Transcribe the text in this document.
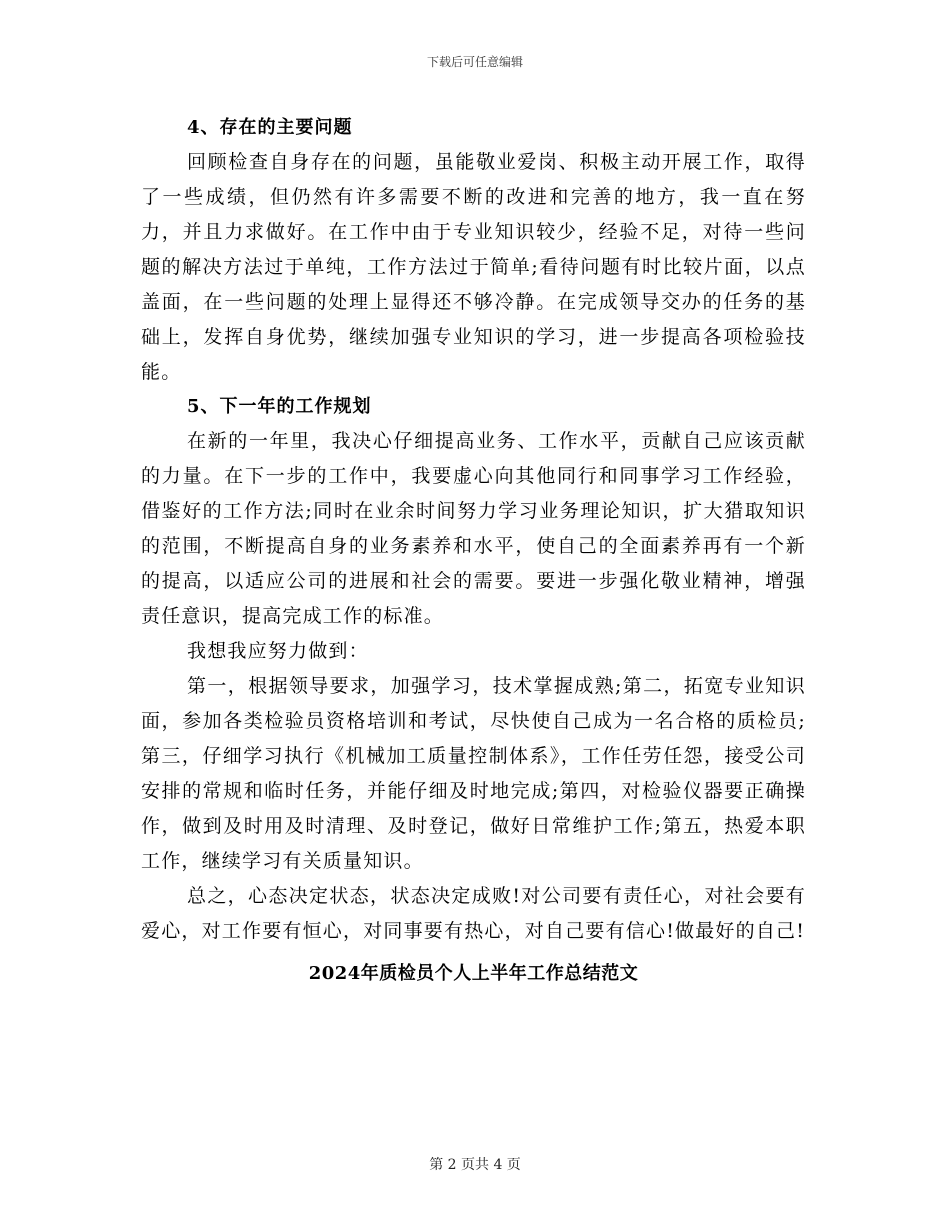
下载后可任意编辑

4、存在的主要问题

回顾检查自身存在的问题，虽能敬业爱岗、积极主动开展工作，取得了一些成绩，但仍然有许多需要不断的改进和完善的地方，我一直在努力，并且力求做好。在工作中由于专业知识较少，经验不足，对待一些问题的解决方法过于单纯，工作方法过于简单;看待问题有时比较片面，以点盖面，在一些问题的处理上显得还不够冷静。在完成领导交办的任务的基础上，发挥自身优势，继续加强专业知识的学习，进一步提高各项检验技能。

5、下一年的工作规划

在新的一年里，我决心仔细提高业务、工作水平，贡献自己应该贡献的力量。在下一步的工作中，我要虚心向其他同行和同事学习工作经验，借鉴好的工作方法;同时在业余时间努力学习业务理论知识，扩大猎取知识的范围，不断提高自身的业务素养和水平，使自己的全面素养再有一个新的提高，以适应公司的进展和社会的需要。要进一步强化敬业精神，增强责任意识，提高完成工作的标准。

我想我应努力做到：

第一，根据领导要求，加强学习，技术掌握成熟;第二，拓宽专业知识面，参加各类检验员资格培训和考试，尽快使自己成为一名合格的质检员;第三，仔细学习执行《机械加工质量控制体系》，工作任劳任怨，接受公司安排的常规和临时任务，并能仔细及时地完成;第四，对检验仪器要正确操作，做到及时用及时清理、及时登记，做好日常维护工作;第五，热爱本职工作，继续学习有关质量知识。

总之，心态决定状态，状态决定成败!对公司要有责任心，对社会要有爱心，对工作要有恒心，对同事要有热心，对自己要有信心!做最好的自己!

2024年质检员个人上半年工作总结范文

第 2 页共 4 页
